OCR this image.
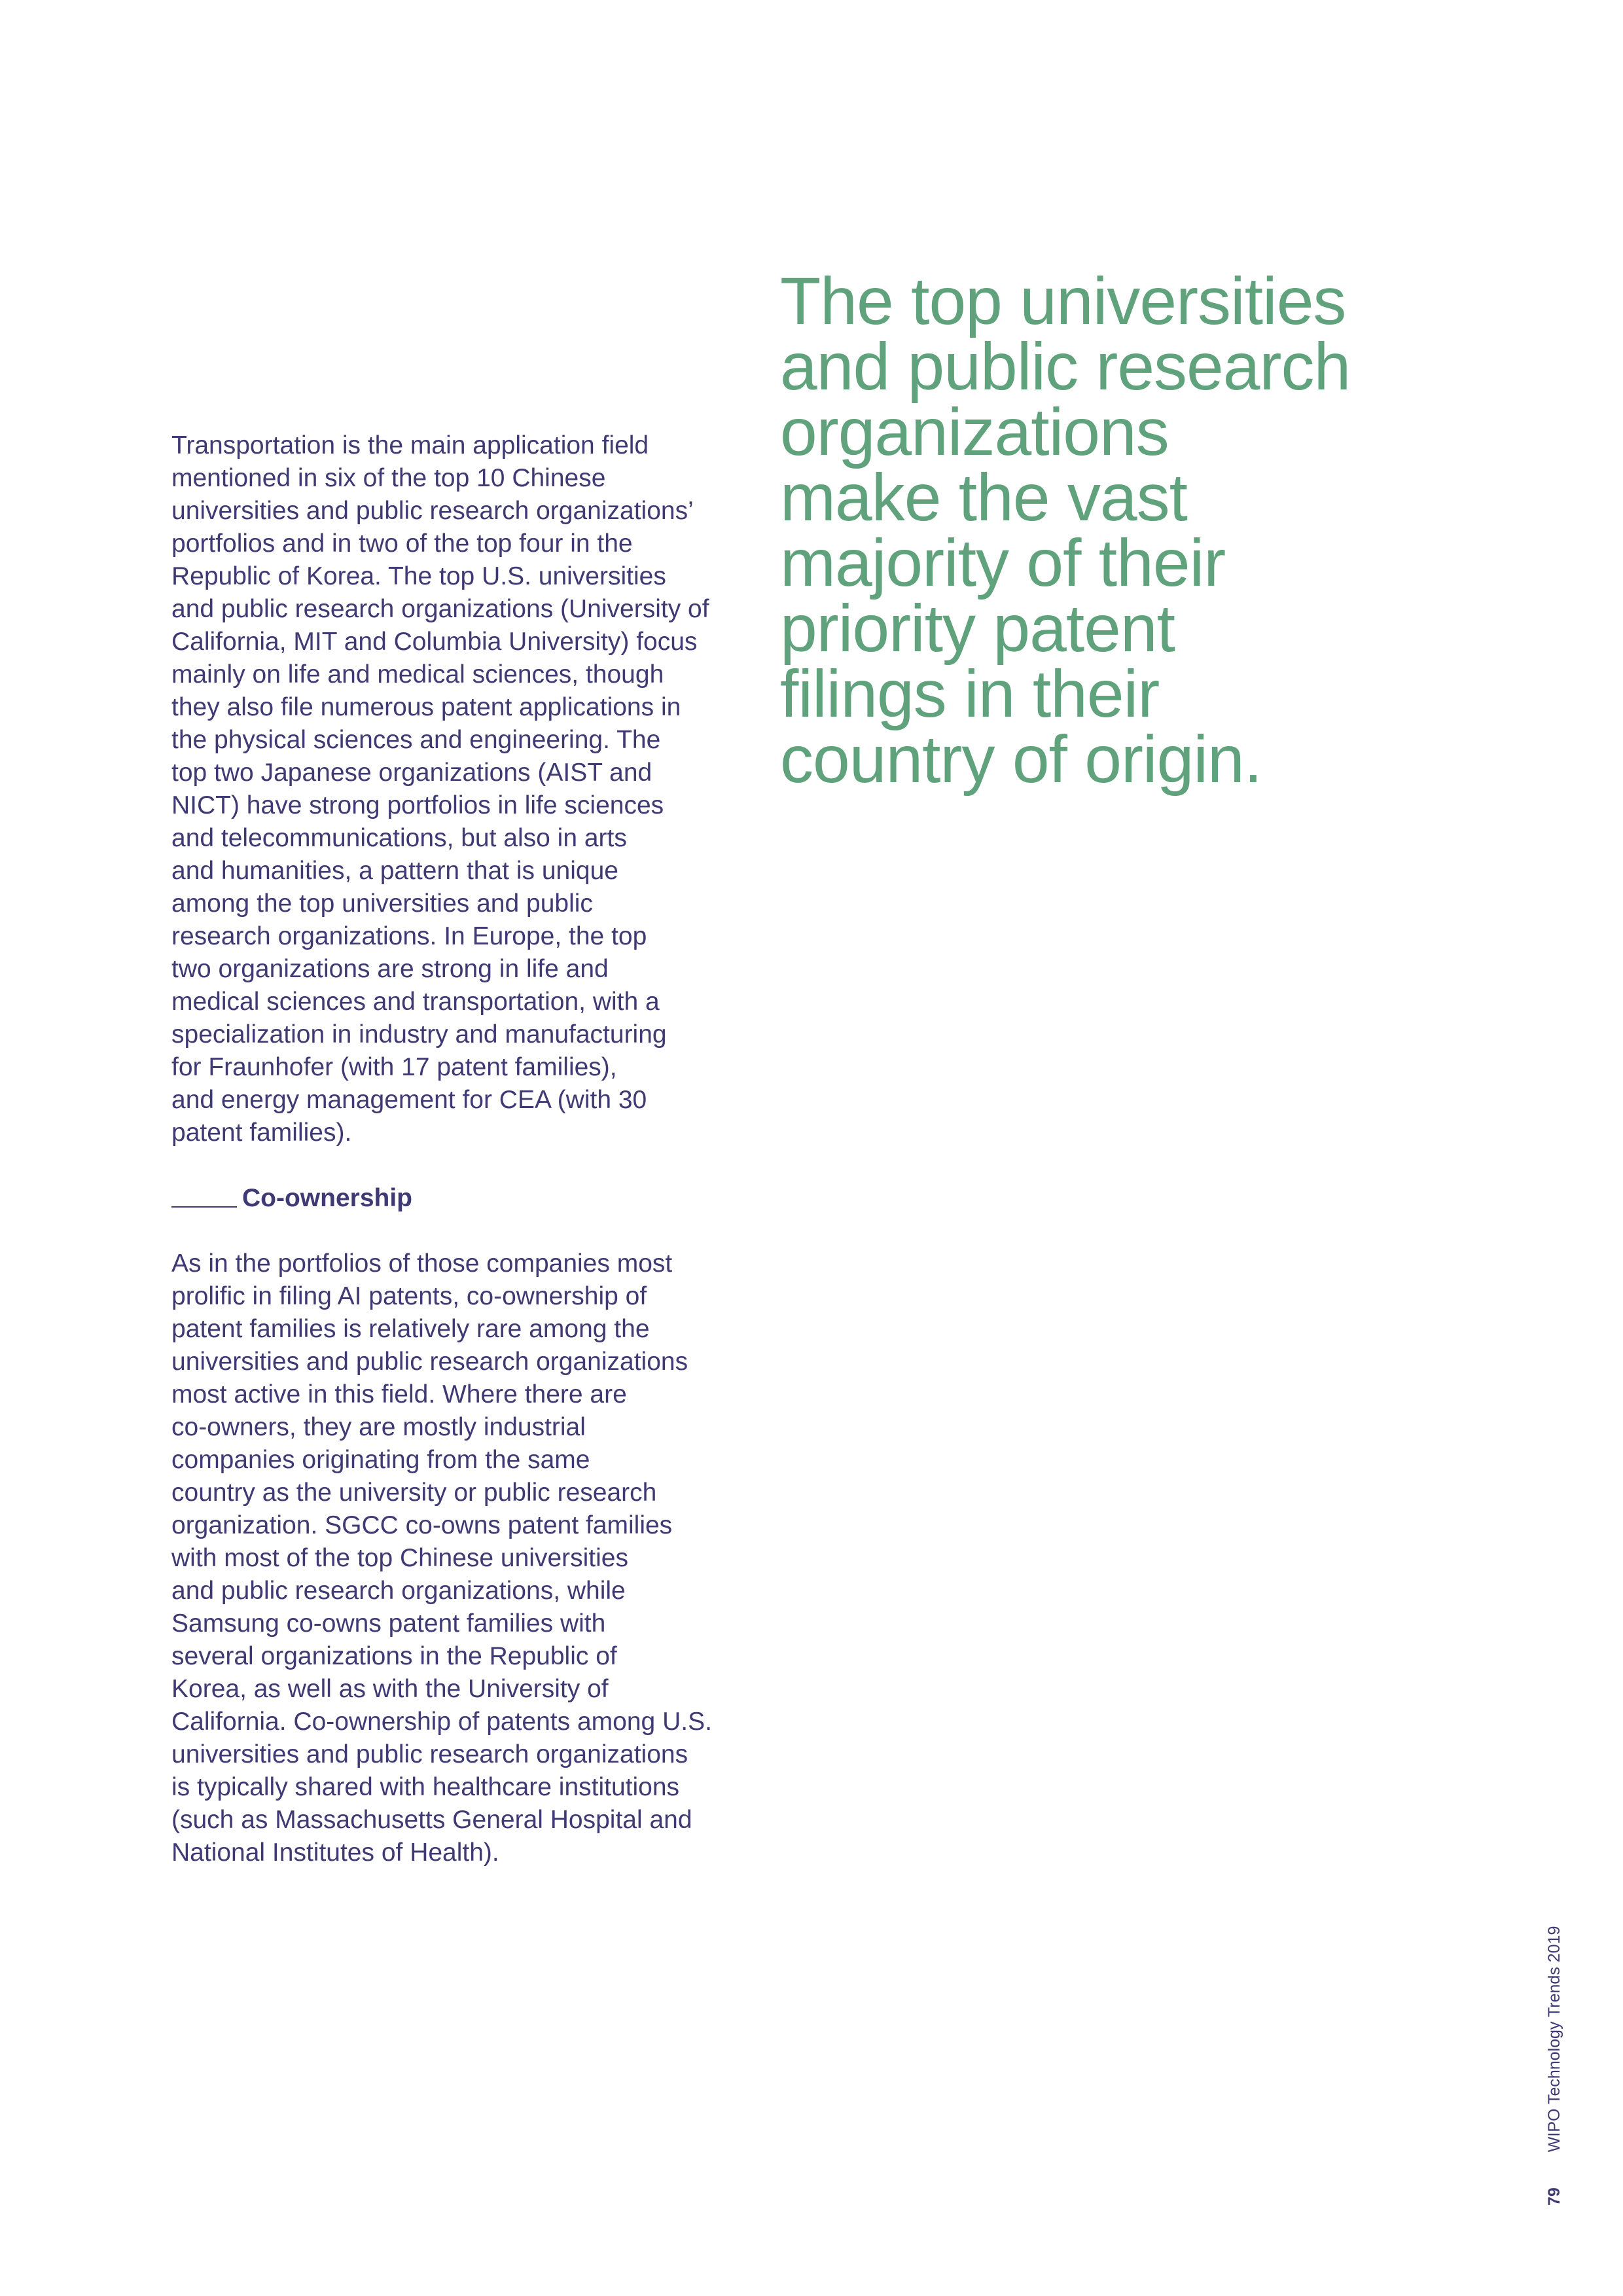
Transportation is the main application field
mentioned in six of the top 10 Chinese
universities and public research organizations’
portfolios and in two of the top four in the
Republic of Korea. The top U.S. universities
and public research organizations (University of
California, MIT and Columbia University) focus
mainly on life and medical sciences, though
they also file numerous patent applications in
the physical sciences and engineering. The
top two Japanese organizations (AIST and
NICT) have strong portfolios in life sciences
and telecommunications, but also in arts
and humanities, a pattern that is unique
among the top universities and public
research organizations. In Europe, the top
two organizations are strong in life and
medical sciences and transportation, with a
specialization in industry and manufacturing
for Fraunhofer (with 17 patent families),
and energy management for CEA (with 30
patent families).

Co-ownership

As in the portfolios of those companies most
prolific in filing AI patents, co-ownership of
patent families is relatively rare among the
universities and public research organizations
most active in this field. Where there are
co-owners, they are mostly industrial
companies originating from the same
country as the university or public research
organization. SGCC co-owns patent families
with most of the top Chinese universities
and public research organizations, while
Samsung co-owns patent families with
several organizations in the Republic of
Korea, as well as with the University of
California. Co-ownership of patents among U.S.
universities and public research organizations
is typically shared with healthcare institutions
(such as Massachusetts General Hospital and
National Institutes of Health).

The top universities
and public research
organizations
make the vast
majority of their
priority patent
filings in their
country of origin.
79WIPO Technology Trends 2019
